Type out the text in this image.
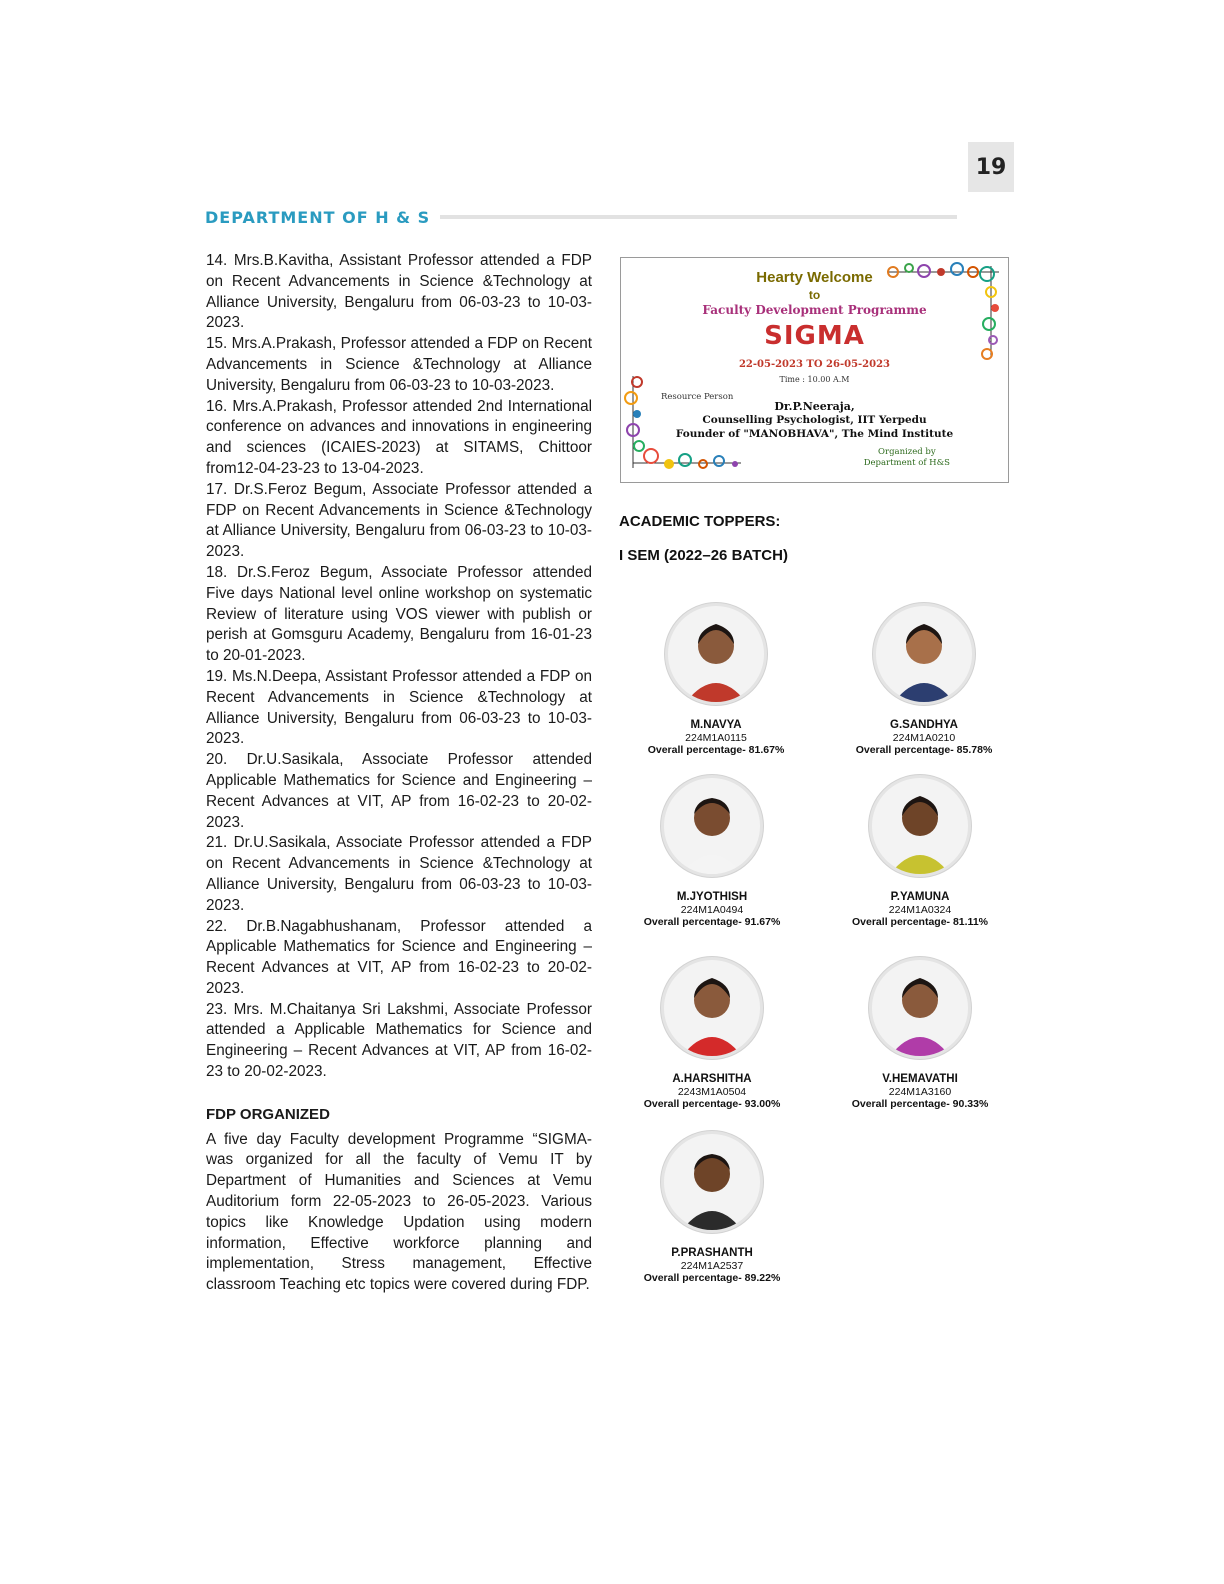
19
DEPARTMENT OF H & S

14. Mrs.B.Kavitha, Assistant Professor attended a FDP on Recent Advancements in Science &Technology at Alliance University, Bengaluru from 06-03-23 to 10-03-2023.

15. Mrs.A.Prakash, Professor attended a FDP on Recent Advancements in Science &Technology at Alliance University, Bengaluru from 06-03-23 to 10-03-2023.

16. Mrs.A.Prakash, Professor attended 2nd International conference on advances and innovations in engineering and sciences (ICAIES-2023) at SITAMS, Chittoor from12-04-23-23 to 13-04-2023.

17. Dr.S.Feroz Begum, Associate Professor attended a FDP on Recent Advancements in Science &Technology at Alliance University, Bengaluru from 06-03-23 to 10-03-2023.

18. Dr.S.Feroz Begum, Associate Professor attended Five days National level online workshop on systematic Review of literature using VOS viewer with publish or perish at Gomsguru Academy, Bengaluru from 16-01-23 to 20-01-2023.

19. Ms.N.Deepa, Assistant Professor attended a FDP on Recent Advancements in Science &Technology at Alliance University, Bengaluru from 06-03-23 to 10-03-2023.

20. Dr.U.Sasikala, Associate Professor attended Applicable Mathematics for Science and Engineering – Recent Advances at VIT, AP from 16-02-23 to 20-02-2023.

21. Dr.U.Sasikala, Associate Professor attended a FDP on Recent Advancements in Science &Technology at Alliance University, Bengaluru from 06-03-23 to 10-03-2023.

22. Dr.B.Nagabhushanam, Professor attended a Applicable Mathematics for Science and Engineering – Recent Advances at VIT, AP from 16-02-23 to 20-02-2023.

23. Mrs. M.Chaitanya Sri Lakshmi, Associate Professor attended a Applicable Mathematics for Science and Engineering – Recent Advances at VIT, AP from 16-02-23 to 20-02-2023.

FDP ORGANIZED

A five day Faculty development Programme “SIGMA-was organized for all the faculty of Vemu IT by Department of Humanities and Sciences at Vemu Auditorium form 22-05-2023 to 26-05-2023. Various topics like Knowledge Updation using modern information, Effective workforce planning and implementation, Stress management, Effective classroom Teaching etc topics were covered during FDP.

Hearty Welcome
to
Faculty Development Programme
SIGMA
22-05-2023 TO 26-05-2023
Time : 10.00 A.M
Resource Person
Dr.P.Neeraja,
Counselling Psychologist, IIT Yerpedu
Founder of "MANOBHAVA", The Mind Institute
Organized by
Department of H&S
ACADEMIC TOPPERS:
I SEM (2022–26 BATCH)
M.NAVYA
224M1A0115
Overall percentage- 81.67%
G.SANDHYA
224M1A0210
Overall percentage- 85.78%
M.JYOTHISH
224M1A0494
Overall percentage- 91.67%
P.YAMUNA
224M1A0324
Overall percentage- 81.11%
A.HARSHITHA
2243M1A0504
Overall percentage- 93.00%
V.HEMAVATHI
224M1A3160
Overall percentage- 90.33%
P.PRASHANTH
224M1A2537
Overall percentage- 89.22%
